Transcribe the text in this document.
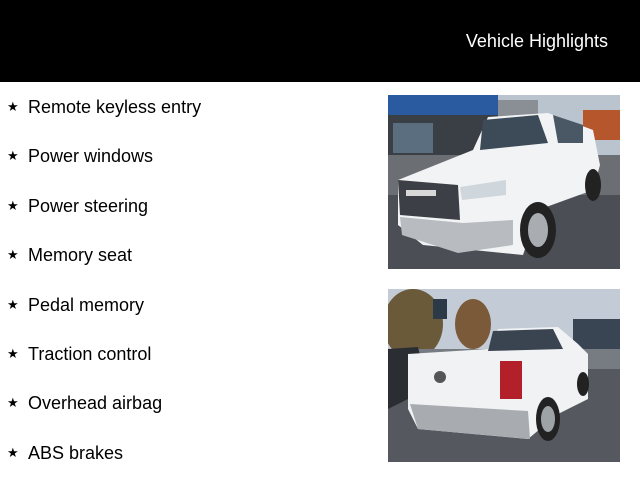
Vehicle Highlights
★ Remote keyless entry
★ Power windows
★ Power steering
★ Memory seat
★ Pedal memory
★ Traction control
★ Overhead airbag
★ ABS brakes
